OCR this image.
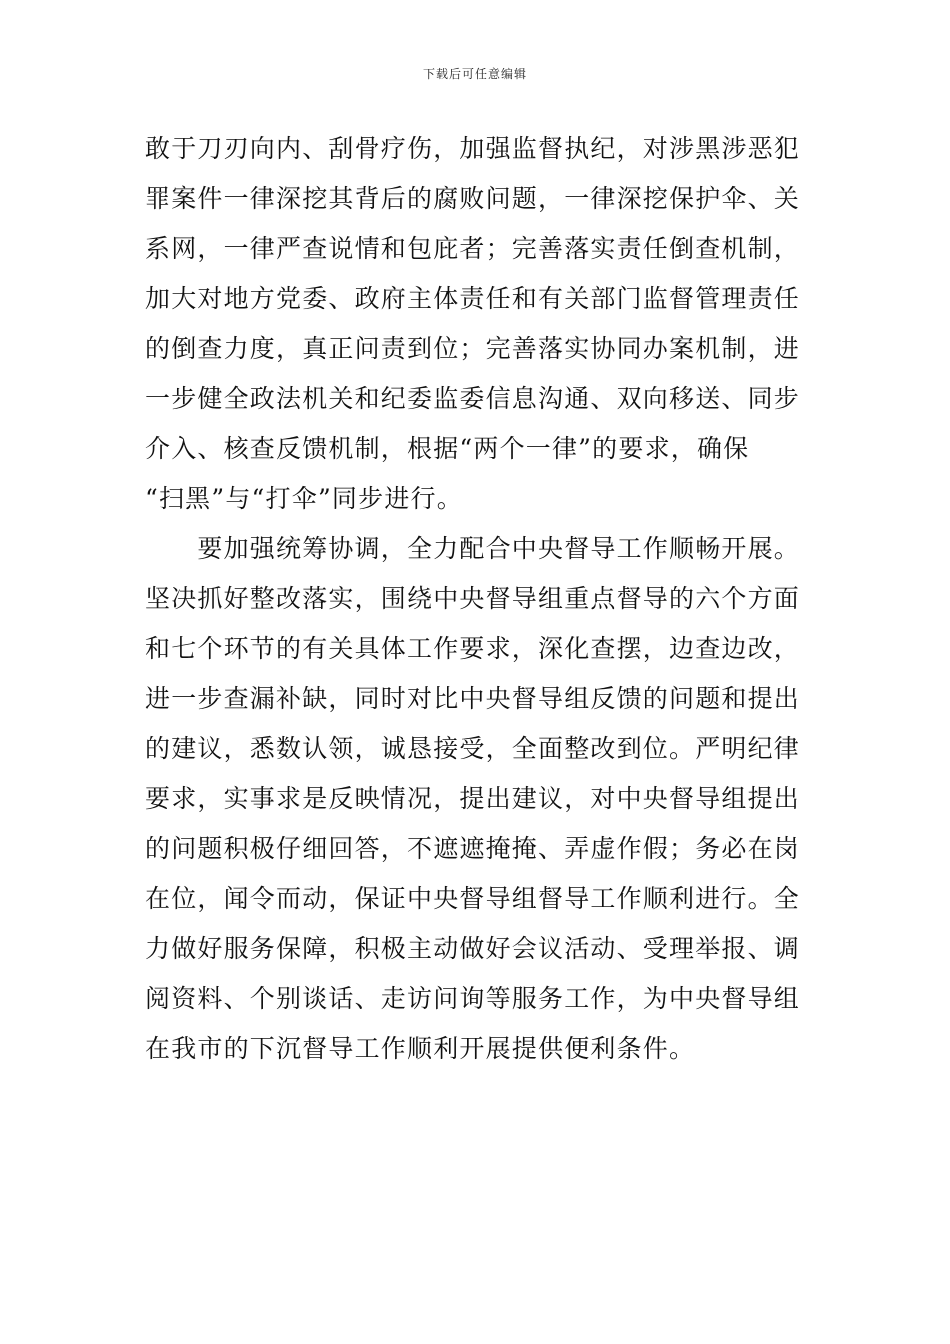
下载后可任意编辑
敢于刀刃向内、刮骨疗伤，加强监督执纪，对涉黑涉恶犯
罪案件一律深挖其背后的腐败问题，一律深挖保护伞、关
系网，一律严查说情和包庇者；完善落实责任倒查机制，
加大对地方党委、政府主体责任和有关部门监督管理责任
的倒查力度，真正问责到位；完善落实协同办案机制，进
一步健全政法机关和纪委监委信息沟通、双向移送、同步
介入、核查反馈机制，根据“两个一律”的要求，确保
“扫黑”与“打伞”同步进行。
　　要加强统筹协调，全力配合中央督导工作顺畅开展。
坚决抓好整改落实，围绕中央督导组重点督导的六个方面
和七个环节的有关具体工作要求，深化查摆，边查边改，
进一步查漏补缺，同时对比中央督导组反馈的问题和提出
的建议，悉数认领，诚恳接受，全面整改到位。严明纪律
要求，实事求是反映情况，提出建议，对中央督导组提出
的问题积极仔细回答，不遮遮掩掩、弄虚作假；务必在岗
在位，闻令而动，保证中央督导组督导工作顺利进行。全
力做好服务保障，积极主动做好会议活动、受理举报、调
阅资料、个别谈话、走访问询等服务工作，为中央督导组
在我市的下沉督导工作顺利开展提供便利条件。
